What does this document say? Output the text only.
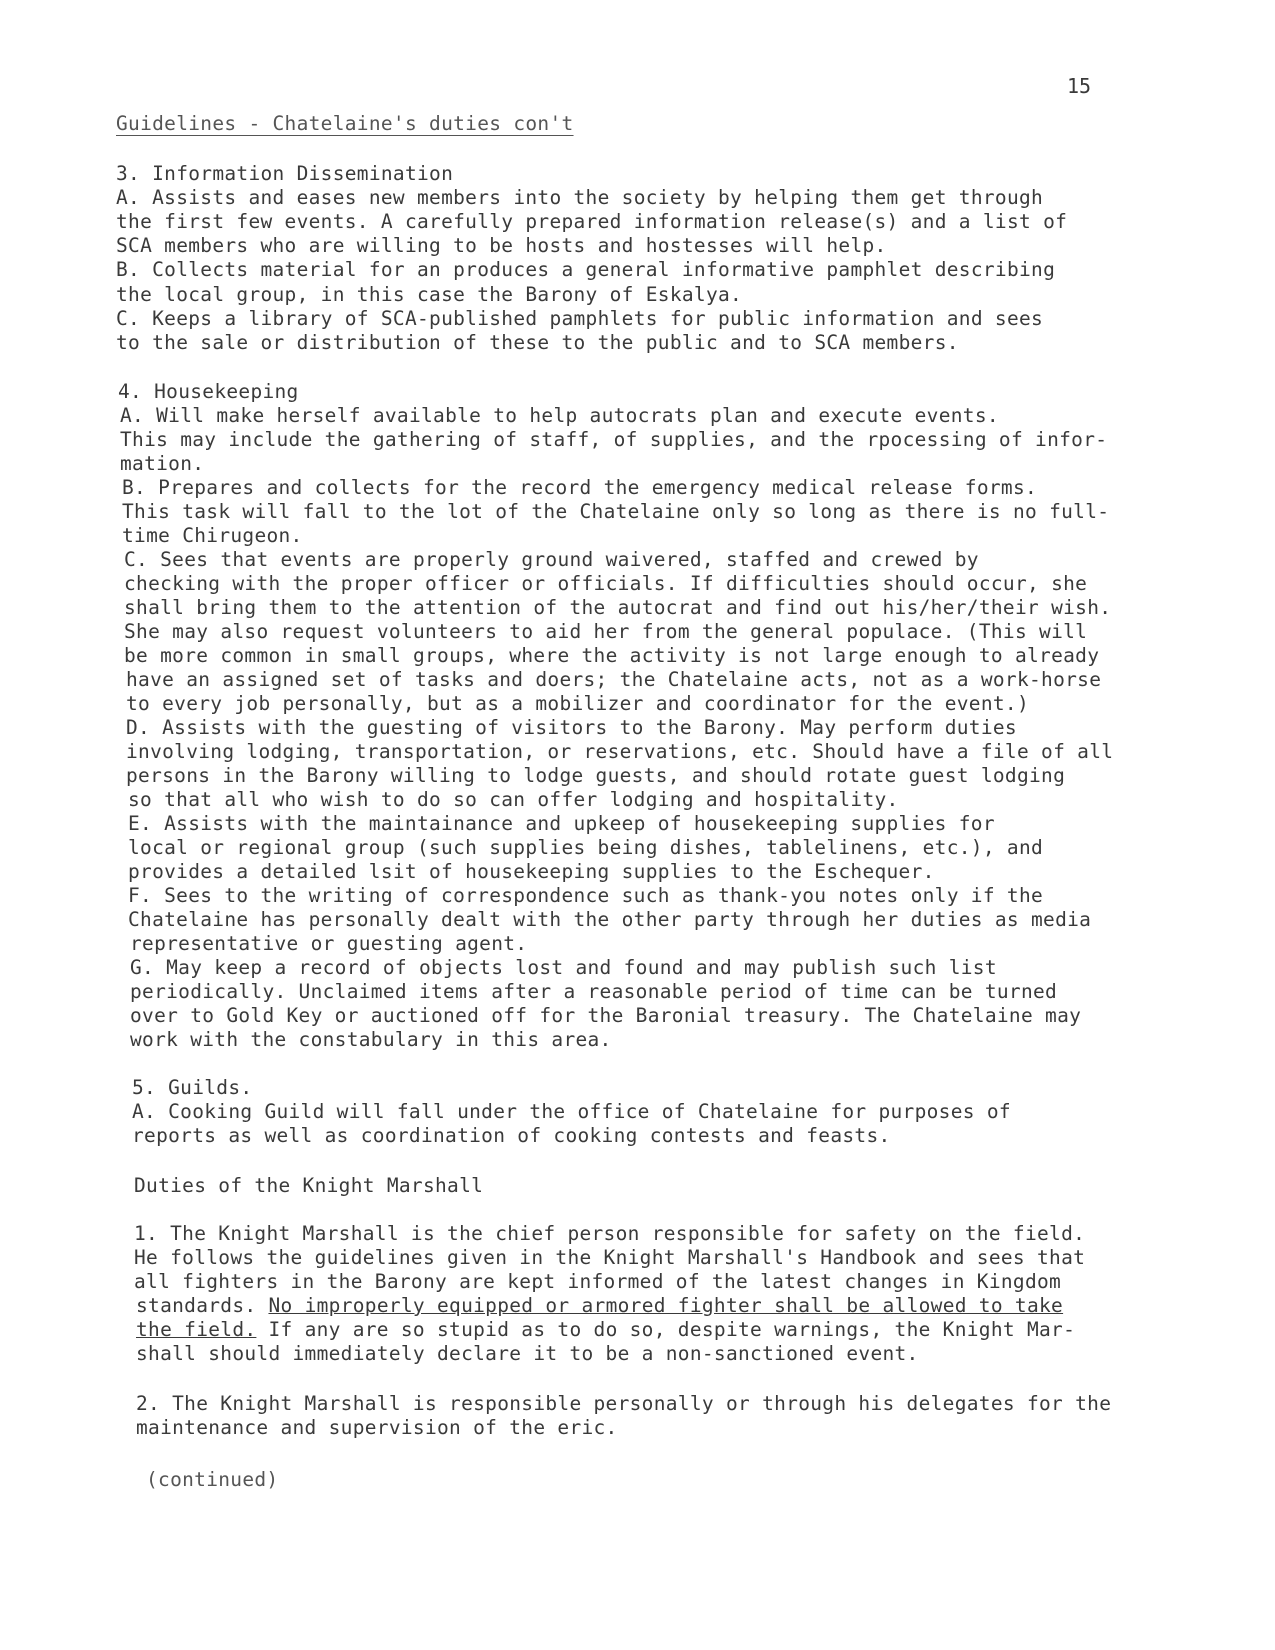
15
Guidelines - Chatelaine's duties con't
3. Information Dissemination
A. Assists and eases new members into the society by helping them get through
the first few events. A carefully prepared information release(s) and a list of
SCA members who are willing to be hosts and hostesses will help.
B. Collects material for an produces a general informative pamphlet describing
the local group, in this case the Barony of Eskalya.
C. Keeps a library of SCA-published pamphlets for public information and sees
to the sale or distribution of these to the public and to SCA members.
4. Housekeeping
A. Will make herself available to help autocrats plan and execute events.
This may include the gathering of staff, of supplies, and the rpocessing of infor-
mation.
B. Prepares and collects for the record the emergency medical release forms.
This task will fall to the lot of the Chatelaine only so long as there is no full-
time Chirugeon.
C. Sees that events are properly ground waivered, staffed and crewed by
checking with the proper officer or officials. If difficulties should occur, she
shall bring them to the attention of the autocrat and find out his/her/their wish.
She may also request volunteers to aid her from the general populace. (This will
be more common in small groups, where the activity is not large enough to already
have an assigned set of tasks and doers; the Chatelaine acts, not as a work-horse
to every job personally, but as a mobilizer and coordinator for the event.)
D. Assists with the guesting of visitors to the Barony. May perform duties
involving lodging, transportation, or reservations, etc. Should have a file of all
persons in the Barony willing to lodge guests, and should rotate guest lodging
so that all who wish to do so can offer lodging and hospitality.
E. Assists with the maintainance and upkeep of housekeeping supplies for
local or regional group (such supplies being dishes, tablelinens, etc.), and
provides a detailed lsit of housekeeping supplies to the Eschequer.
F. Sees to the writing of correspondence such as thank-you notes only if the
Chatelaine has personally dealt with the other party through her duties as media
representative or guesting agent.
G. May keep a record of objects lost and found and may publish such list
periodically. Unclaimed items after a reasonable period of time can be turned
over to Gold Key or auctioned off for the Baronial treasury. The Chatelaine may
work with the constabulary in this area.
5. Guilds.
A. Cooking Guild will fall under the office of Chatelaine for purposes of
reports as well as coordination of cooking contests and feasts.
Duties of the Knight Marshall
1. The Knight Marshall is the chief person responsible for safety on the field.
He follows the guidelines given in the Knight Marshall's Handbook and sees that
all fighters in the Barony are kept informed of the latest changes in Kingdom
standards. No improperly equipped or armored fighter shall be allowed to take
the field. If any are so stupid as to do so, despite warnings, the Knight Mar-
shall should immediately declare it to be a non-sanctioned event.
2. The Knight Marshall is responsible personally or through his delegates for the
maintenance and supervision of the eric.
(continued)
